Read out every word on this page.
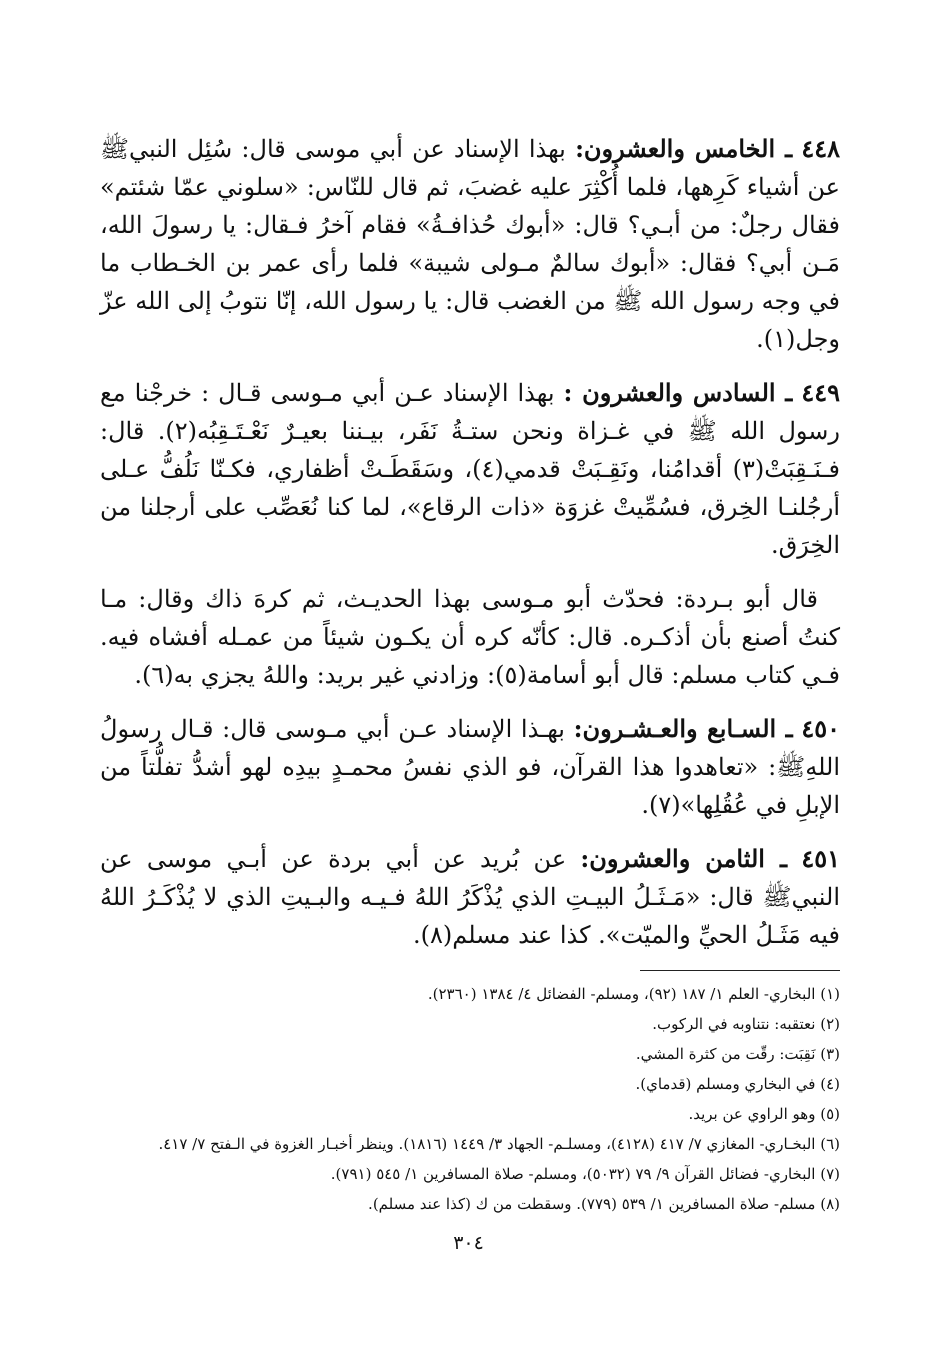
٤٤٨ ـ الخامس والعشرون: بهذا الإسناد عن أبي موسى قال: سُئِل النبيﷺ عن أشياء كَرِهها، فلما أُكْثِرَ عليه غضبَ، ثم قال للنّاس: «سلوني عمّا شئتم» فقال رجلٌ: من أبـي؟ قال: «أبوك حُذافـةُ» فقام آخرُ فـقال: يا رسولَ الله، مَـن أبي؟ فقال: «أبوك سالمٌ مـولى شيبة» فلما رأى عمر بن الخـطاب ما في وجه رسول الله ﷺ من الغضب قال: يا رسول الله، إنّا نتوبُ إلى الله عزّ وجل(١).

٤٤٩ ـ السادس والعشرون : بهذا الإسناد عـن أبي مـوسى قـال : خرجْنا مع رسول الله ﷺ في غـزاة ونحن ستـةُ نَفَر، بيـننا بعيـرٌ نَعْـتَـقِبُه(٢). قال: فـنَـقِبَتْ(٣) أقدامُنا، ونَقِـبَتْ قدمي(٤)، وسَقَطَـتْ أظفاري، فكـنّا نَلُفُّ عـلى أرجُلنـا الخِرق، فسُمِّيتْ غزوَة «ذات الرقاع»، لما كنا نُعَصِّب على أرجلنا من الخِرَق.

قال أبو بـردة: فحدّث أبو مـوسى بهذا الحديـث، ثم كرهَ ذاك وقال: مـا كنتُ أصنع بأن أذكـره. قال: كأنّه كره أن يكـون شيئاً من عمـله أفشاه فيه. فـي كتاب مسلم: قال أبو أسامة(٥): وزادني غير بريد: واللهُ يجزي به(٦).

٤٥٠ ـ السـابع والعـشـرون: بهـذا الإسناد عـن أبي مـوسى قال: قـال رسولُ اللهِﷺ: «تعاهدوا هذا القرآن، فو الذي نفسُ محمـدٍ بيدِه لهو أشدُّ تفلُّتاً من الإبلِ في عُقُلِها»(٧).

٤٥١ ـ الثامن والعشرون: عن بُريد عن أبي بردة عن أبـي موسى عن النبيﷺ قال: «مَـثَـلُ البيـتِ الذي يُذْكَرُ اللهُ فـيـه والبـيتِ الذي لا يُذْكَـرُ اللهُ فيه مَثَـلُ الحيِّ والميّت». كذا عند مسلم(٨).

(١) البخاري- العلم ١/ ١٨٧ (٩٢)، ومسلم- الفضائل ٤/ ١٣٨٤ (٢٣٦٠).
(٢) نعتقبه: نتناوبه في الركوب.
(٣) نَقِبَت: رقّت من كثرة المشي.
(٤) في البخاري ومسلم (قدماي).
(٥) وهو الراوي عن بريد.
(٦) البخـاري- المغازي ٧/ ٤١٧ (٤١٢٨)، ومسلـم- الجهاد ٣/ ١٤٤٩ (١٨١٦). وينظر أخبـار الغزوة في الـفتح ٧/ ٤١٧.
(٧) البخاري- فضائل القرآن ٩/ ٧٩ (٥٠٣٢)، ومسلم- صلاة المسافرين ١/ ٥٤٥ (٧٩١).
(٨) مسلم- صلاة المسافرين ١/ ٥٣٩ (٧٧٩). وسقطت من ك (كذا عند مسلم).
٣٠٤
